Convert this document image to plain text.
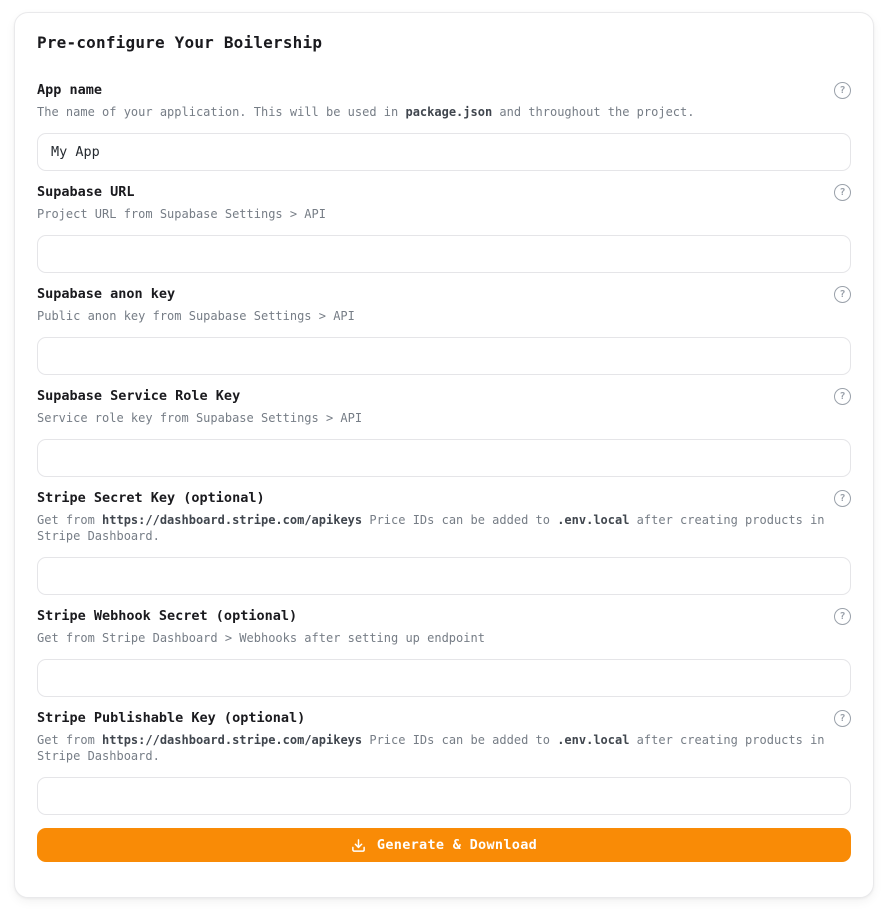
Pre-configure Your Boilership
App name	?

The name of your application. This will be used in package.json and throughout the project.

My App
Supabase URL	?

Project URL from Supabase Settings > API

Supabase anon key	?

Public anon key from Supabase Settings > API

Supabase Service Role Key	?

Service role key from Supabase Settings > API

Stripe Secret Key (optional)	?

Get from https://dashboard.stripe.com/apikeys Price IDs can be added to .env.local after creating products in Stripe Dashboard.

Stripe Webhook Secret (optional)	?

Get from Stripe Dashboard > Webhooks after setting up endpoint

Stripe Publishable Key (optional)	?

Get from https://dashboard.stripe.com/apikeys Price IDs can be added to .env.local after creating products in Stripe Dashboard.

Generate & Download
